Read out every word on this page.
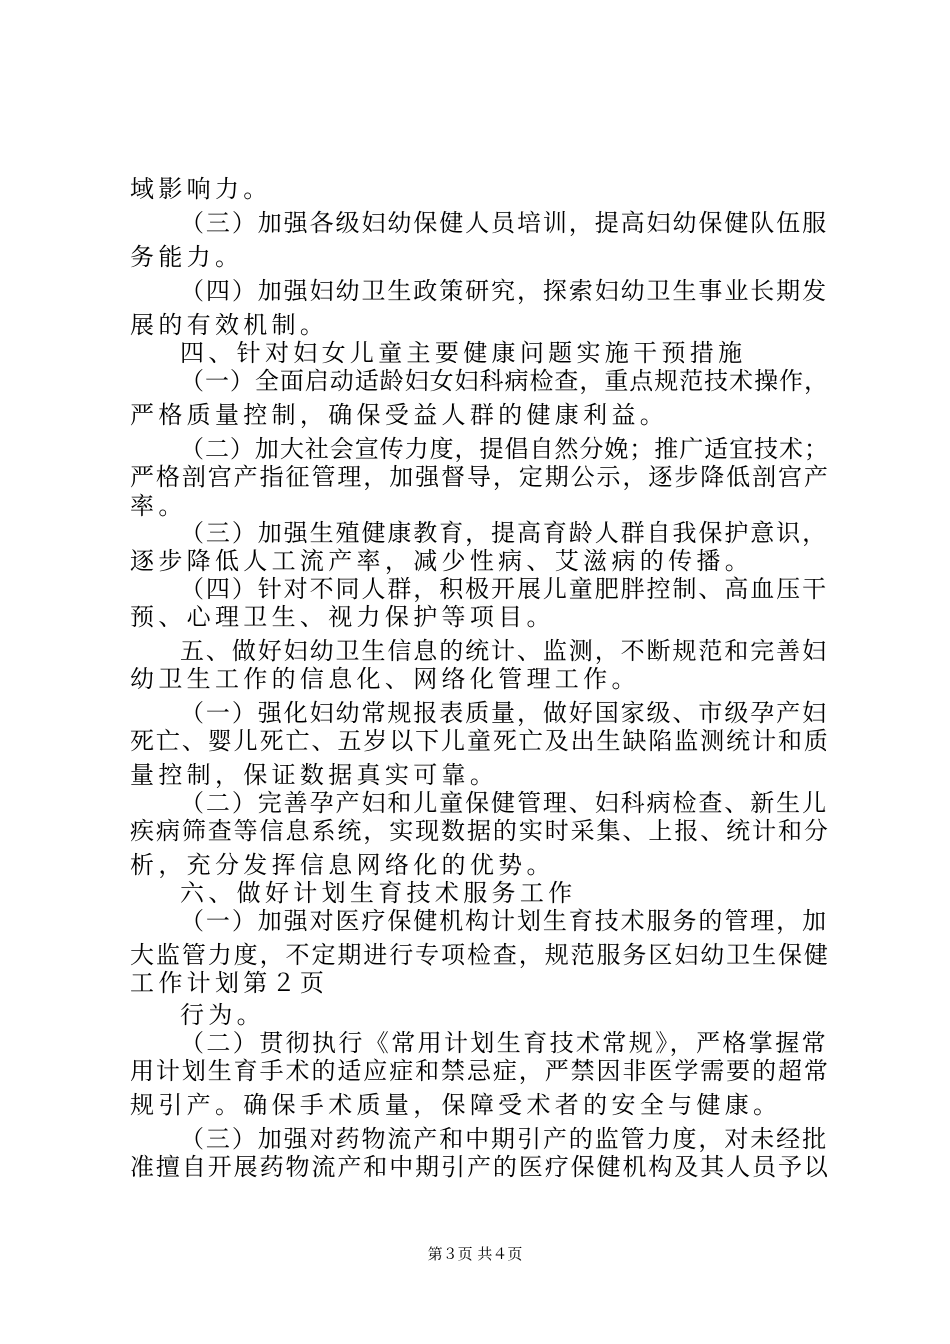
域影响力。
（三）加强各级妇幼保健人员培训，提高妇幼保健队伍服
务能力。
（四）加强妇幼卫生政策研究，探索妇幼卫生事业长期发
展的有效机制。
四、针对妇女儿童主要健康问题实施干预措施
（一）全面启动适龄妇女妇科病检查，重点规范技术操作，
严格质量控制，确保受益人群的健康利益。
（二）加大社会宣传力度，提倡自然分娩；推广适宜技术；
严格剖宫产指征管理，加强督导，定期公示，逐步降低剖宫产
率。
（三）加强生殖健康教育，提高育龄人群自我保护意识，
逐步降低人工流产率，减少性病、艾滋病的传播。
（四）针对不同人群，积极开展儿童肥胖控制、高血压干
预、心理卫生、视力保护等项目。
五、做好妇幼卫生信息的统计、监测，不断规范和完善妇
幼卫生工作的信息化、网络化管理工作。
（一）强化妇幼常规报表质量，做好国家级、市级孕产妇
死亡、婴儿死亡、五岁以下儿童死亡及出生缺陷监测统计和质
量控制，保证数据真实可靠。
（二）完善孕产妇和儿童保健管理、妇科病检查、新生儿
疾病筛查等信息系统，实现数据的实时采集、上报、统计和分
析，充分发挥信息网络化的优势。
六、做好计划生育技术服务工作
（一）加强对医疗保健机构计划生育技术服务的管理，加
大监管力度，不定期进行专项检查，规范服务区妇幼卫生保健
工作计划第２页
行为。
（二）贯彻执行《常用计划生育技术常规》，严格掌握常
用计划生育手术的适应症和禁忌症，严禁因非医学需要的超常
规引产。确保手术质量，保障受术者的安全与健康。
（三）加强对药物流产和中期引产的监管力度，对未经批
准擅自开展药物流产和中期引产的医疗保健机构及其人员予以
第３页 共４页
